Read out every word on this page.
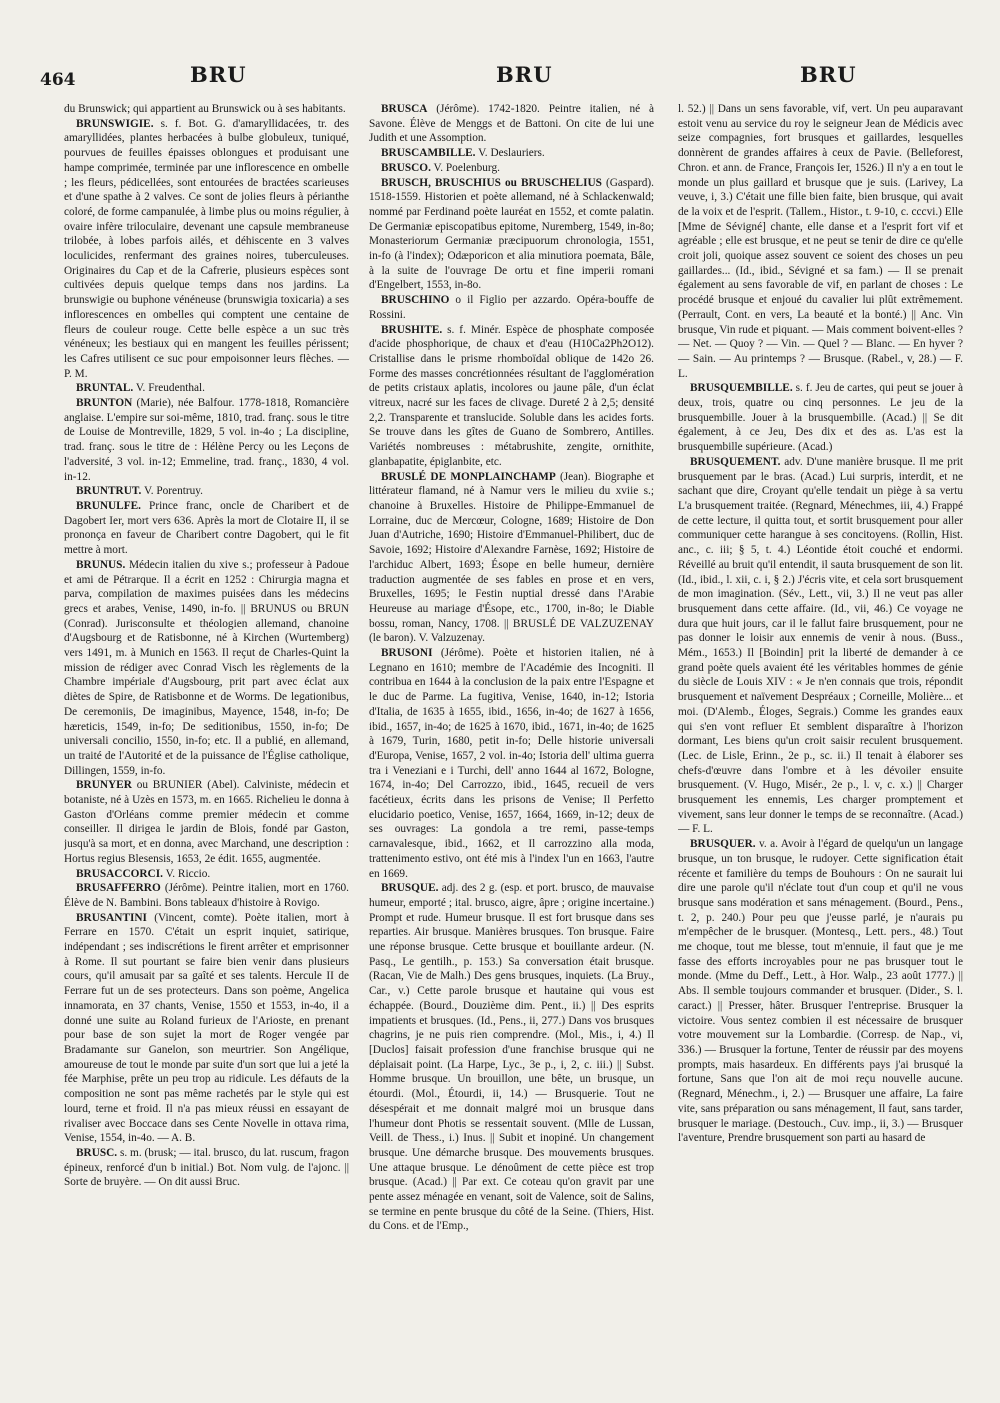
464	BRU	BRU	BRU

du Brunswick; qui appartient au Brunswick ou à ses habitants.

BRUNSWIGIE. s. f. Bot. G. d'amaryllidacées, tr. des amaryllidées, plantes herbacées à bulbe globuleux, tuniqué, pourvues de feuilles épaisses oblongues et produisant une hampe comprimée, terminée par une inflorescence en ombelle ; les fleurs, pédicellées, sont entourées de bractées scarieuses et d'une spathe à 2 valves. Ce sont de jolies fleurs à périanthe coloré, de forme campanulée, à limbe plus ou moins régulier, à ovaire infère triloculaire, devenant une capsule membraneuse trilobée, à lobes parfois ailés, et déhiscente en 3 valves loculicides, renfermant des graines noires, tuberculeuses. Originaires du Cap et de la Cafrerie, plusieurs espèces sont cultivées depuis quelque temps dans nos jardins. La brunswigie ou buphone vénéneuse (brunswigia toxicaria) a ses inflorescences en ombelles qui comptent une centaine de fleurs de couleur rouge. Cette belle espèce a un suc très vénéneux; les bestiaux qui en mangent les feuilles périssent; les Cafres utilisent ce suc pour empoisonner leurs flèches. — P. M.

BRUNTAL. V. Freudenthal.

BRUNTON (Marie), née Balfour. 1778-1818, Romancière anglaise. L'empire sur soi-même, 1810, trad. franç. sous le titre de Louise de Montreville, 1829, 5 vol. in-4o ; La discipline, trad. franç. sous le titre de : Hélène Percy ou les Leçons de l'adversité, 3 vol. in-12; Emmeline, trad. franç., 1830, 4 vol. in-12.

BRUNTRUT. V. Porentruy.

BRUNULFE. Prince franc, oncle de Charibert et de Dagobert Ier, mort vers 636. Après la mort de Clotaire II, il se prononça en faveur de Charibert contre Dagobert, qui le fit mettre à mort.

BRUNUS. Médecin italien du xive s.; professeur à Padoue et ami de Pétrarque. Il a écrit en 1252 : Chirurgia magna et parva, compilation de maximes puisées dans les médecins grecs et arabes, Venise, 1490, in-fo. || BRUNUS ou BRUN (Conrad). Jurisconsulte et théologien allemand, chanoine d'Augsbourg et de Ratisbonne, né à Kirchen (Wurtemberg) vers 1491, m. à Munich en 1563. Il reçut de Charles-Quint la mission de rédiger avec Conrad Visch les règlements de la Chambre impériale d'Augsbourg, prit part avec éclat aux diètes de Spire, de Ratisbonne et de Worms. De legationibus, De ceremoniis, De imaginibus, Mayence, 1548, in-fo; De hæreticis, 1549, in-fo; De seditionibus, 1550, in-fo; De universali concilio, 1550, in-fo; etc. Il a publié, en allemand, un traité de l'Autorité et de la puissance de l'Église catholique, Dillingen, 1559, in-fo.

BRUNYER ou BRUNIER (Abel). Calviniste, médecin et botaniste, né à Uzès en 1573, m. en 1665. Richelieu le donna à Gaston d'Orléans comme premier médecin et comme conseiller. Il dirigea le jardin de Blois, fondé par Gaston, jusqu'à sa mort, et en donna, avec Marchand, une description : Hortus regius Blesensis, 1653, 2e édit. 1655, augmentée.

BRUSACCORCI. V. Riccio.

BRUSAFFERRO (Jérôme). Peintre italien, mort en 1760. Élève de N. Bambini. Bons tableaux d'histoire à Rovigo.

BRUSANTINI (Vincent, comte). Poète italien, mort à Ferrare en 1570. C'était un esprit inquiet, satirique, indépendant ; ses indiscrétions le firent arrêter et emprisonner à Rome. Il sut pourtant se faire bien venir dans plusieurs cours, qu'il amusait par sa gaîté et ses talents. Hercule II de Ferrare fut un de ses protecteurs. Dans son poème, Angelica innamorata, en 37 chants, Venise, 1550 et 1553, in-4o, il a donné une suite au Roland furieux de l'Arioste, en prenant pour base de son sujet la mort de Roger vengée par Bradamante sur Ganelon, son meurtrier. Son Angélique, amoureuse de tout le monde par suite d'un sort que lui a jeté la fée Marphise, prête un peu trop au ridicule. Les défauts de la composition ne sont pas même rachetés par le style qui est lourd, terne et froid. Il n'a pas mieux réussi en essayant de rivaliser avec Boccace dans ses Cente Novelle in ottava rima, Venise, 1554, in-4o. — A. B.

BRUSC. s. m. (brusk; — ital. brusco, du lat. ruscum, fragon épineux, renforcé d'un b initial.) Bot. Nom vulg. de l'ajonc. || Sorte de bruyère. — On dit aussi Bruc.

BRUSCA (Jérôme). 1742-1820. Peintre italien, né à Savone. Élève de Menggs et de Battoni. On cite de lui une Judith et une Assomption.

BRUSCAMBILLE. V. Deslauriers.

BRUSCO. V. Poelenburg.

BRUSCH, BRUSCHIUS ou BRUSCHELIUS (Gaspard). 1518-1559. Historien et poète allemand, né à Schlackenwald; nommé par Ferdinand poète lauréat en 1552, et comte palatin. De Germaniæ episcopatibus epitome, Nuremberg, 1549, in-8o; Monasteriorum Germaniæ præcipuorum chronologia, 1551, in-fo (à l'index); Odæporicon et alia minutiora poemata, Bâle, à la suite de l'ouvrage De ortu et fine imperii romani d'Engelbert, 1553, in-8o.

BRUSCHINO o il Figlio per azzardo. Opéra-bouffe de Rossini.

BRUSHITE. s. f. Minér. Espèce de phosphate composée d'acide phosphorique, de chaux et d'eau (H10Ca2Ph2O12). Cristallise dans le prisme rhomboïdal oblique de 142o 26. Forme des masses concrétionnées résultant de l'agglomération de petits cristaux aplatis, incolores ou jaune pâle, d'un éclat vitreux, nacré sur les faces de clivage. Dureté 2 à 2,5; densité 2,2. Transparente et translucide. Soluble dans les acides forts. Se trouve dans les gîtes de Guano de Sombrero, Antilles. Variétés nombreuses : métabrushite, zengite, ornithite, glanbapatite, épiglanbite, etc.

BRUSLÉ DE MONPLAINCHAMP (Jean). Biographe et littérateur flamand, né à Namur vers le milieu du xviie s.; chanoine à Bruxelles. Histoire de Philippe-Emmanuel de Lorraine, duc de Mercœur, Cologne, 1689; Histoire de Don Juan d'Autriche, 1690; Histoire d'Emmanuel-Philibert, duc de Savoie, 1692; Histoire d'Alexandre Farnèse, 1692; Histoire de l'archiduc Albert, 1693; Ésope en belle humeur, dernière traduction augmentée de ses fables en prose et en vers, Bruxelles, 1695; le Festin nuptial dressé dans l'Arabie Heureuse au mariage d'Ésope, etc., 1700, in-8o; le Diable bossu, roman, Nancy, 1708. || BRUSLÉ DE VALZUZENAY (le baron). V. Valzuzenay.

BRUSONI (Jérôme). Poète et historien italien, né à Legnano en 1610; membre de l'Académie des Incogniti. Il contribua en 1644 à la conclusion de la paix entre l'Espagne et le duc de Parme. La fugitiva, Venise, 1640, in-12; Istoria d'Italia, de 1635 à 1655, ibid., 1656, in-4o; de 1627 à 1656, ibid., 1657, in-4o; de 1625 à 1670, ibid., 1671, in-4o; de 1625 à 1679, Turin, 1680, petit in-fo; Delle historie universali d'Europa, Venise, 1657, 2 vol. in-4o; Istoria dell' ultima guerra tra i Veneziani e i Turchi, dell' anno 1644 al 1672, Bologne, 1674, in-4o; Del Carrozzo, ibid., 1645, recueil de vers facétieux, écrits dans les prisons de Venise; Il Perfetto elucidario poetico, Venise, 1657, 1664, 1669, in-12; deux de ses ouvrages: La gondola a tre remi, passe-temps carnavalesque, ibid., 1662, et Il carrozzino alla moda, trattenimento estivo, ont été mis à l'index l'un en 1663, l'autre en 1669.

BRUSQUE. adj. des 2 g. (esp. et port. brusco, de mauvaise humeur, emporté ; ital. brusco, aigre, âpre ; origine incertaine.) Prompt et rude. Humeur brusque. Il est fort brusque dans ses reparties. Air brusque. Manières brusques. Ton brusque. Faire une réponse brusque. Cette brusque et bouillante ardeur. (N. Pasq., Le gentilh., p. 153.) Sa conversation était brusque. (Racan, Vie de Malh.) Des gens brusques, inquiets. (La Bruy., Car., v.) Cette parole brusque et hautaine qui vous est échappée. (Bourd., Douzième dim. Pent., ii.) || Des esprits impatients et brusques. (Id., Pens., ii, 277.) Dans vos brusques chagrins, je ne puis rien comprendre. (Mol., Mis., i, 4.) Il [Duclos] faisait profession d'une franchise brusque qui ne déplaisait point. (La Harpe, Lyc., 3e p., i, 2, c. iii.) || Subst. Homme brusque. Un brouillon, une bête, un brusque, un étourdi. (Mol., Étourdi, ii, 14.) — Brusquerie. Tout ne désespérait et me donnait malgré moi un brusque dans l'humeur dont Photis se ressentait souvent. (Mlle de Lussan, Veill. de Thess., i.) Inus. || Subit et inopiné. Un changement brusque. Une démarche brusque. Des mouvements brusques. Une attaque brusque. Le dénoûment de cette pièce est trop brusque. (Acad.) || Par ext. Ce coteau qu'on gravit par une pente assez ménagée en venant, soit de Valence, soit de Salins, se termine en pente brusque du côté de la Seine. (Thiers, Hist. du Cons. et de l'Emp.,

l. 52.) || Dans un sens favorable, vif, vert. Un peu auparavant estoit venu au service du roy le seigneur Jean de Médicis avec seize compagnies, fort brusques et gaillardes, lesquelles donnèrent de grandes affaires à ceux de Pavie. (Belleforest, Chron. et ann. de France, François Ier, 1526.) Il n'y a en tout le monde un plus gaillard et brusque que je suis. (Larivey, La veuve, i, 3.) C'était une fille bien faite, bien brusque, qui avait de la voix et de l'esprit. (Tallem., Histor., t. 9-10, c. cccvi.) Elle [Mme de Sévigné] chante, elle danse et a l'esprit fort vif et agréable ; elle est brusque, et ne peut se tenir de dire ce qu'elle croit joli, quoique assez souvent ce soient des choses un peu gaillardes... (Id., ibid., Sévigné et sa fam.) — Il se prenait également au sens favorable de vif, en parlant de choses : Le procédé brusque et enjoué du cavalier lui plût extrêmement. (Perrault, Cont. en vers, La beauté et la bonté.) || Anc. Vin brusque, Vin rude et piquant. — Mais comment boivent-elles ? — Net. — Quoy ? — Vin. — Quel ? — Blanc. — En hyver ? — Sain. — Au printemps ? — Brusque. (Rabel., v, 28.) — F. L.

BRUSQUEMBILLE. s. f. Jeu de cartes, qui peut se jouer à deux, trois, quatre ou cinq personnes. Le jeu de la brusquembille. Jouer à la brusquembille. (Acad.) || Se dit également, à ce Jeu, Des dix et des as. L'as est la brusquembille supérieure. (Acad.)

BRUSQUEMENT. adv. D'une manière brusque. Il me prit brusquement par le bras. (Acad.) Lui surpris, interdit, et ne sachant que dire, Croyant qu'elle tendait un piège à sa vertu L'a brusquement traitée. (Regnard, Ménechmes, iii, 4.) Frappé de cette lecture, il quitta tout, et sortit brusquement pour aller communiquer cette harangue à ses concitoyens. (Rollin, Hist. anc., c. iii; § 5, t. 4.) Léontide étoit couché et endormi. Réveillé au bruit qu'il entendit, il sauta brusquement de son lit. (Id., ibid., l. xii, c. i, § 2.) J'écris vite, et cela sort brusquement de mon imagination. (Sév., Lett., vii, 3.) Il ne veut pas aller brusquement dans cette affaire. (Id., vii, 46.) Ce voyage ne dura que huit jours, car il le fallut faire brusquement, pour ne pas donner le loisir aux ennemis de venir à nous. (Buss., Mém., 1653.) Il [Boindin] prit la liberté de demander à ce grand poète quels avaient été les véritables hommes de génie du siècle de Louis XIV : « Je n'en connais que trois, répondit brusquement et naïvement Despréaux ; Corneille, Molière... et moi. (D'Alemb., Éloges, Segrais.) Comme les grandes eaux qui s'en vont refluer Et semblent disparaître à l'horizon dormant, Les biens qu'un croit saisir reculent brusquement. (Lec. de Lisle, Erinn., 2e p., sc. ii.) Il tenait à élaborer ses chefs-d'œuvre dans l'ombre et à les dévoiler ensuite brusquement. (V. Hugo, Misér., 2e p., l. v, c. x.) || Charger brusquement les ennemis, Les charger promptement et vivement, sans leur donner le temps de se reconnaître. (Acad.) — F. L.

BRUSQUER. v. a. Avoir à l'égard de quelqu'un un langage brusque, un ton brusque, le rudoyer. Cette signification était récente et familière du temps de Bouhours : On ne saurait lui dire une parole qu'il n'éclate tout d'un coup et qu'il ne vous brusque sans modération et sans ménagement. (Bourd., Pens., t. 2, p. 240.) Pour peu que j'eusse parlé, je n'aurais pu m'empêcher de le brusquer. (Montesq., Lett. pers., 48.) Tout me choque, tout me blesse, tout m'ennuie, il faut que je me fasse des efforts incroyables pour ne pas brusquer tout le monde. (Mme du Deff., Lett., à Hor. Walp., 23 août 1777.) || Abs. Il semble toujours commander et brusquer. (Dider., S. l. caract.) || Presser, hâter. Brusquer l'entreprise. Brusquer la victoire. Vous sentez combien il est nécessaire de brusquer votre mouvement sur la Lombardie. (Corresp. de Nap., vi, 336.) — Brusquer la fortune, Tenter de réussir par des moyens prompts, mais hasardeux. En différents pays j'ai brusqué la fortune, Sans que l'on ait de moi reçu nouvelle aucune. (Regnard, Ménechm., i, 2.) — Brusquer une affaire, La faire vite, sans préparation ou sans ménagement, Il faut, sans tarder, brusquer le mariage. (Destouch., Cuv. imp., ii, 3.) — Brusquer l'aventure, Prendre brusquement son parti au hasard de
